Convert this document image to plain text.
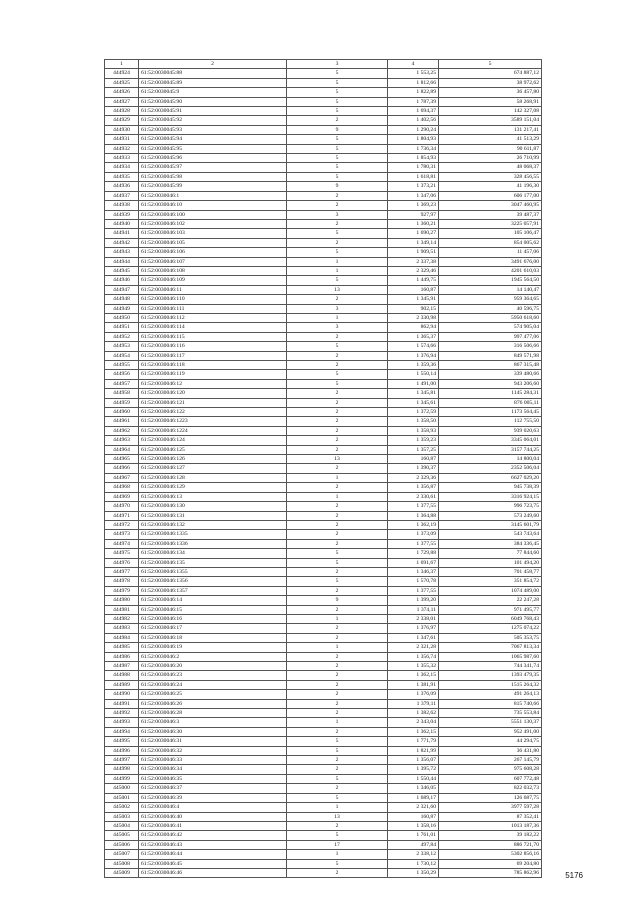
1	2	3	4	5
444924	61:52:0030045:88	5	1 553,25	674 887,12
444925	61:52:0030045:89	5	1 812,66	38 972,62
444926	61:52:0030045:9	5	1 822,89	36 457,80
444927	61:52:0030045:90	5	1 787,39	58 268,91
444928	61:52:0030045:91	5	1 694,37	142 327,08
444929	61:52:0030045:92	2	1 402,56	3589 151,04
444930	61:52:0030045:93	9	1 290,24	131 217,41
444931	61:52:0030045:94	5	1 804,93	41 513,29
444932	61:52:0030045:95	5	1 736,34	90 611,87
444933	61:52:0030045:96	5	1 854,93	26 710,99
444934	61:52:0030045:97	5	1 780,31	48 068,37
444935	61:52:0030045:98	5	1 618,81	328 456,55
444936	61:52:0030045:99	9	1 373,21	41 196,30
444937	61:52:0030046:1	2	1 347,06	606 177,00
444938	61:52:0030046:10	2	1 369,23	3047 460,95
444939	61:52:0030046:100	3	927,97	39 487,37
444940	61:52:0030046:102	2	1 360,21	3225 057,91
444941	61:52:0030046:103	5	1 690,27	105 106,47
444942	61:52:0030046:105	2	1 349,14	854 005,62
444943	61:52:0030046:106	5	1 909,51	11 457,06
444944	61:52:0030046:107	1	2 337,38	3491 676,00
444945	61:52:0030046:108	1	2 329,46	4201 610,03
444946	61:52:0030046:109	5	1 449,75	1945 564,50
444947	61:52:0030046:11	13	160,87	14 140,47
444948	61:52:0030046:110	2	1 345,91	959 364,65
444949	61:52:0030046:111	3	902,15	40 596,75
444950	61:52:0030046:112	1	2 330,98	5950 618,60
444951	61:52:0030046:114	3	862,94	574 905,04
444952	61:52:0030046:115	2	1 365,37	997 477,06
444953	61:52:0030046:116	5	1 574,66	316 506,66
444954	61:52:0030046:117	2	1 376,94	849 571,98
444955	61:52:0030046:118	2	1 359,36	867 315,48
444956	61:52:0030046:119	5	1 550,14	339 480,66
444957	61:52:0030046:12	5	1 491,00	943 206,60
444958	61:52:0030046:120	2	1 345,81	1145 284,31
444959	61:52:0030046:121	2	1 345,61	876 005,11
444960	61:52:0030046:122	2	1 372,59	1173 564,45
444961	61:52:0030046:1223	2	1 358,50	112 755,50
444962	61:52:0030046:1224	2	1 358,93	939 020,63
444963	61:52:0030046:124	2	1 359,23	3345 064,01
444964	61:52:0030046:125	2	1 357,25	3157 744,25
444965	61:52:0030046:126	13	160,87	14 800,04
444966	61:52:0030046:127	2	1 390,37	2352 506,04
444967	61:52:0030046:128	1	2 329,36	6627 029,20
444968	61:52:0030046:129	2	1 356,87	945 738,39
444969	61:52:0030046:13	1	2 330,61	3316 924,15
444970	61:52:0030046:130	2	1 377,55	996 723,75
444971	61:52:0030046:131	2	1 364,88	573 249,60
444972	61:52:0030046:132	2	1 362,19	3145 601,79
444973	61:52:0030046:1335	2	1 373,09	543 743,64
444974	61:52:0030046:1336	2	1 377,55	384 336,45
444975	61:52:0030046:134	5	1 729,88	77 844,60
444976	61:52:0030046:135	5	1 691,67	101 494,20
444977	61:52:0030046:1355	2	1 346,37	701 458,77
444978	61:52:0030046:1356	5	1 570,78	351 854,72
444979	61:52:0030046:1357	2	1 377,55	1074 489,00
444980	61:52:0030046:14	9	1 399,20	22 247,28
444981	61:52:0030046:15	2	1 374,11	971 495,77
444982	61:52:0030046:16	1	2 338,01	6049 768,43
444983	61:52:0030046:17	2	1 376,97	1275 074,22
444984	61:52:0030046:18	2	1 347,61	505 353,75
444985	61:52:0030046:19	1	2 321,28	7067 813,34
444986	61:52:0030046:2	2	1 356,74	1065 987,60
444987	61:52:0030046:20	2	1 355,32	744 341,74
444988	61:52:0030046:23	2	1 362,15	1393 479,35
444989	61:52:0030046:24	2	1 381,91	1515 264,32
444990	61:52:0030046:25	2	1 376,09	491 264,13
444991	61:52:0030046:26	2	1 379,11	815 740,66
444992	61:52:0030046:28	2	1 382,62	735 553,84
444993	61:52:0030046:3	1	2 343,04	5551 130,37
444994	61:52:0030046:30	2	1 362,15	952 491,00
444995	61:52:0030046:31	5	1 771,79	44 294,75
444996	61:52:0030046:32	5	1 821,99	36 431,80
444997	61:52:0030046:33	2	1 356,07	267 145,79
444998	61:52:0030046:34	2	1 395,72	975 608,28
444999	61:52:0030046:35	5	1 550,44	607 772,48
445000	61:52:0030046:37	2	1 346,05	822 032,73
445001	61:52:0030046:39	5	1 689,17	126 687,75
445002	61:52:0030046:4	1	2 321,60	3977 597,28
445003	61:52:0030046:40	13	160,87	87 352,41
445004	61:52:0030046:41	2	1 358,16	1013 187,36
445005	61:52:0030046:42	5	1 761,01	39 182,22
445006	61:52:0030046:43	17	497,84	886 721,70
445007	61:52:0030046:44	1	2 338,12	5302 856,16
445008	61:52:0030046:45	5	1 730,12	69 204,80
445009	61:52:0030046:46	2	1 350,29	785 862,96	5176
